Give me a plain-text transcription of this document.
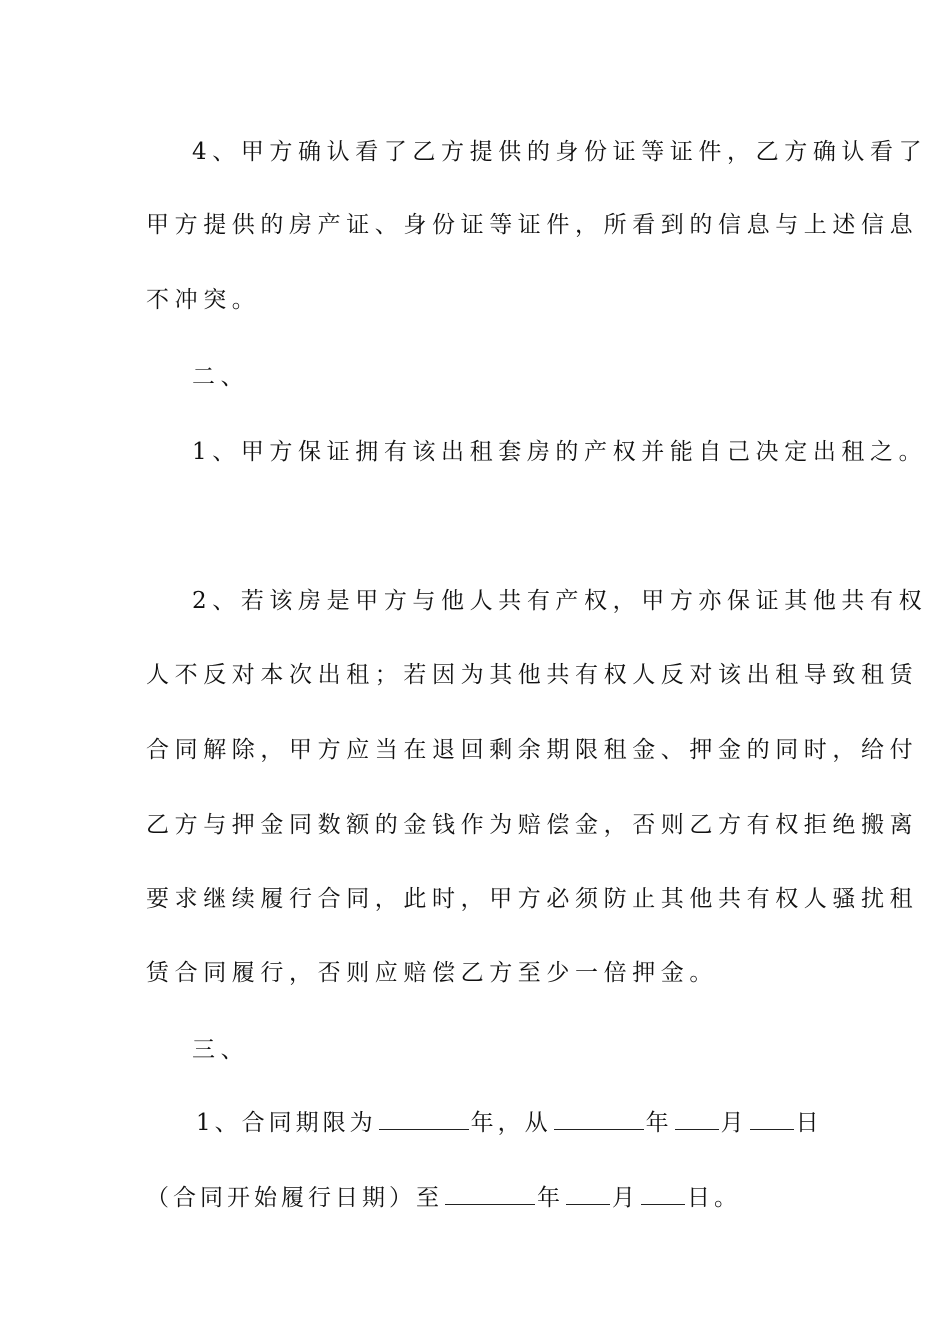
4、甲方确认看了乙方提供的身份证等证件，乙方确认看了
甲方提供的房产证、身份证等证件，所看到的信息与上述信息
不冲突。
二、
1、甲方保证拥有该出租套房的产权并能自己决定出租之。
2、若该房是甲方与他人共有产权，甲方亦保证其他共有权
人不反对本次出租；若因为其他共有权人反对该出租导致租赁
合同解除，甲方应当在退回剩余期限租金、押金的同时，给付
乙方与押金同数额的金钱作为赔偿金，否则乙方有权拒绝搬离
要求继续履行合同，此时，甲方必须防止其他共有权人骚扰租
赁合同履行，否则应赔偿乙方至少一倍押金。
三、
1、合同期限为	年，从	年 月 日
（合同开始履行日期）至	年 月 日。
